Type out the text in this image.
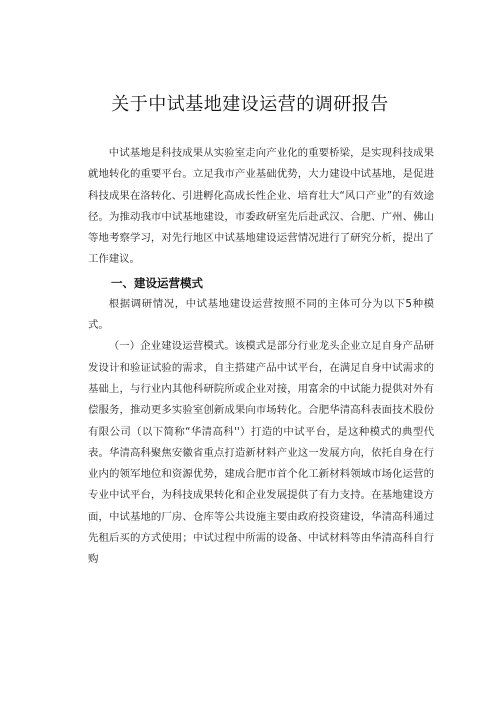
关于中试基地建设运营的调研报告

中试基地是科技成果从实验室走向产业化的重要桥梁，是实现科技成果就地转化的重要平台。立足我市产业基础优势，大力建设中试基地，是促进科技成果在洛转化、引进孵化高成长性企业、培育壮大“风口产业”的有效途径。为推动我市中试基地建设，市委政研室先后赴武汉、合肥、广州、佛山等地考察学习，对先行地区中试基地建设运营情况进行了研究分析，提出了工作建议。

一、建设运营模式

根据调研情况，中试基地建设运营按照不同的主体可分为以下5种模式。

（一）企业建设运营模式。该模式是部分行业龙头企业立足自身产品研发设计和验证试验的需求，自主搭建产品中试平台，在满足自身中试需求的基础上，与行业内其他科研院所或企业对接，用富余的中试能力提供对外有偿服务，推动更多实验室创新成果向市场转化。合肥华清高科表面技术股份有限公司（以下简称“华清高科''）打造的中试平台，是这种模式的典型代表。华清高科聚焦安徽省重点打造新材料产业这一发展方向，依托自身在行业内的领军地位和资源优势，建成合肥市首个化工新材料领域市场化运营的专业中试平台，为科技成果转化和企业发展提供了有力支持。在基地建设方面，中试基地的厂房、仓库等公共设施主要由政府投资建设，华清高科通过先租后买的方式使用；中试过程中所需的设备、中试材料等由华清高科自行购
